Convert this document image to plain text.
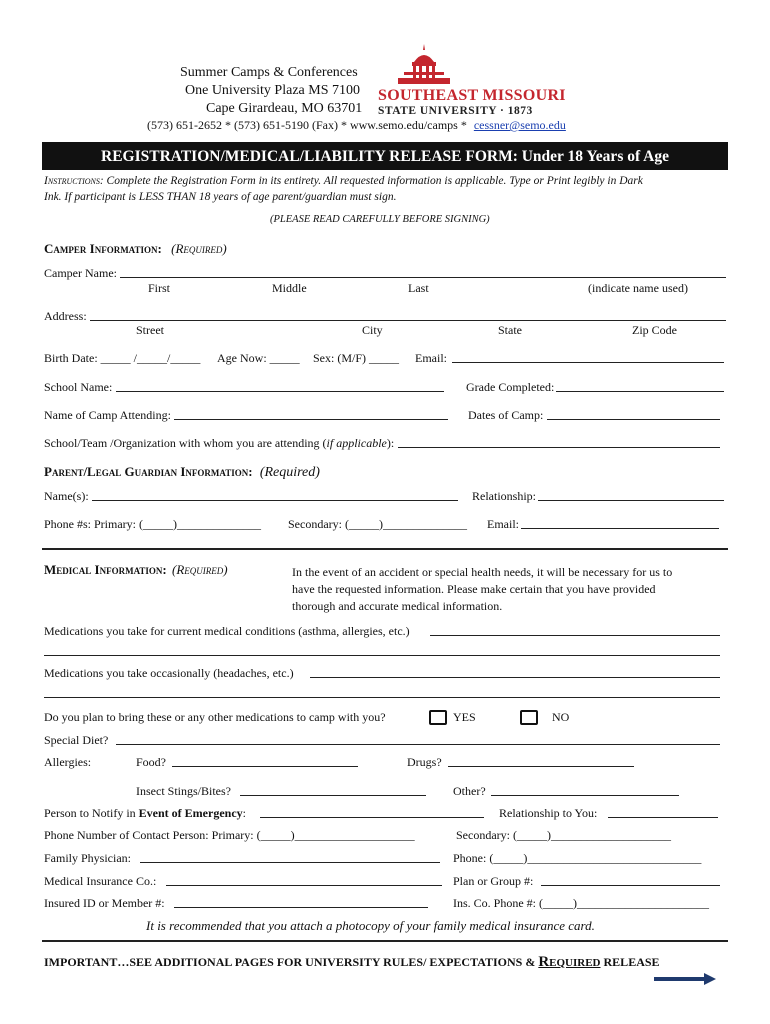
Summer Camps & Conferences
One University Plaza MS 7100
Cape Girardeau, MO 63701
SOUTHEAST MISSOURI
STATE UNIVERSITY · 1873
(573) 651-2652 * (573) 651-5190 (Fax) * www.semo.edu/camps * cessner@semo.edu
REGISTRATION/MEDICAL/LIABILITY RELEASE FORM: Under 18 Years of Age
Instructions: Complete the Registration Form in its entirety. All requested information is applicable. Type or Print legibly in Dark
Ink. If participant is LESS THAN 18 years of age parent/guardian must sign.
(PLEASE READ CAREFULLY BEFORE SIGNING)
Camper Information: (Required)
Camper Name:
First	Middle	Last	(indicate name used)
Address:
Street	City	State	Zip Code
Birth Date: _____ /_____/_____ Age Now: _____ Sex: (M/F) _____ Email:
School Name:	Grade Completed:
Name of Camp Attending:	Dates of Camp:
School/Team /Organization with whom you are attending (if applicable):
Parent/Legal Guardian Information: (Required)
Name(s):	Relationship:
Phone #s: Primary: (_____)______________ Secondary: (_____)______________ Email:
Medical Information: (Required)	In the event of an accident or special health needs, it will be necessary for us to
have the requested information. Please make certain that you have provided
thorough and accurate medical information.
Medications you take for current medical conditions (asthma, allergies, etc.)
Medications you take occasionally (headaches, etc.)
Do you plan to bring these or any other medications to camp with you?	YES	NO
Special Diet?
Allergies:	Food?	Drugs?
Insect Stings/Bites?	Other?
Person to Notify in Event of Emergency:	Relationship to You:
Phone Number of Contact Person: Primary: (_____)____________________	Secondary: (_____)____________________
Family Physician:	Phone: (_____)_____________________________
Medical Insurance Co.:	Plan or Group #:
Insured ID or Member #:	Ins. Co. Phone #: (_____)______________________
It is recommended that you attach a photocopy of your family medical insurance card.
IMPORTANT…SEE ADDITIONAL PAGES FOR UNIVERSITY RULES/ EXPECTATIONS & Required RELEASE
